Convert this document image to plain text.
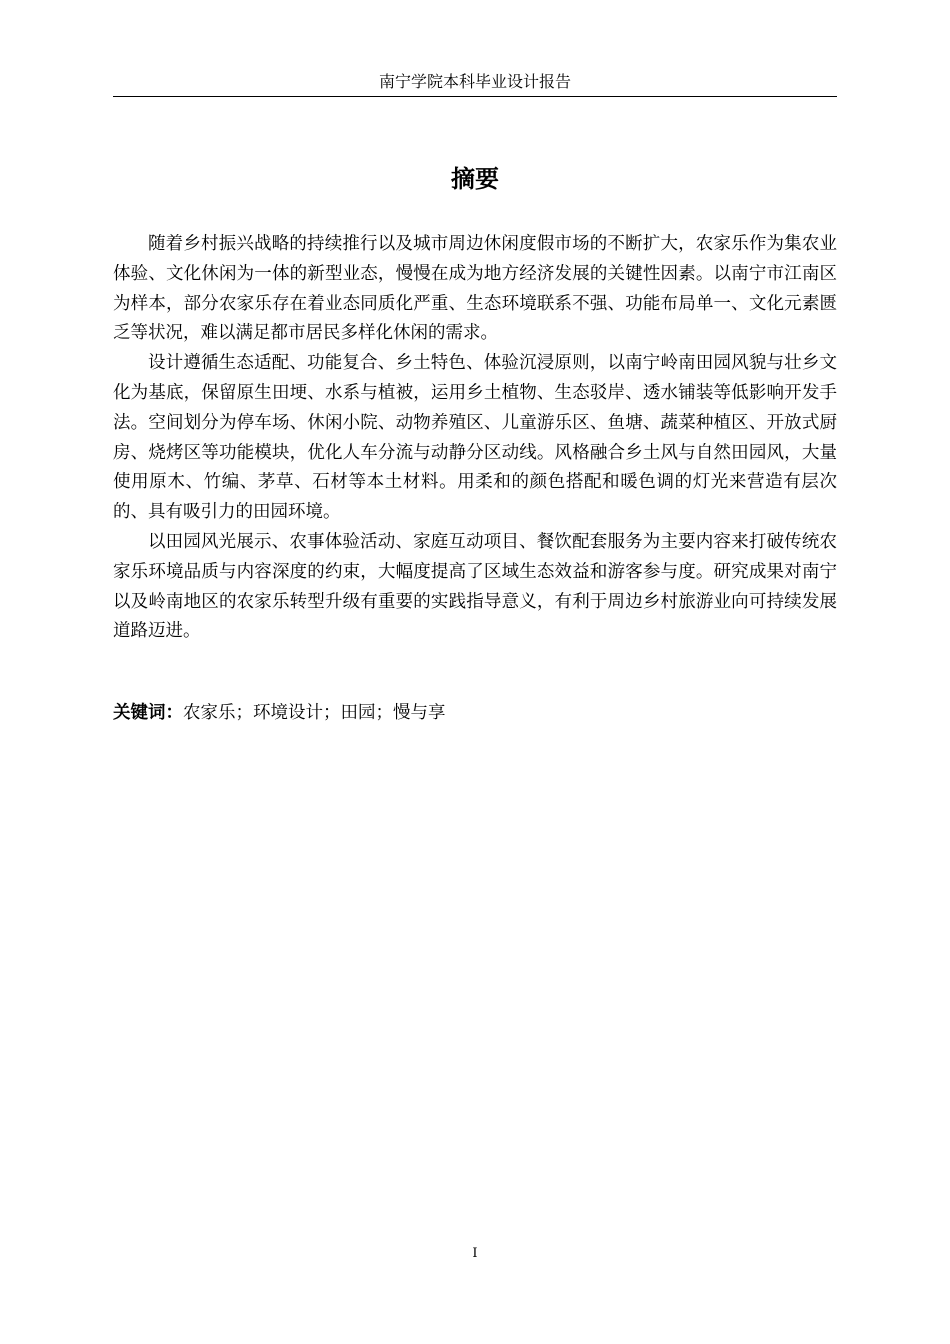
南宁学院本科毕业设计报告
摘要

随着乡村振兴战略的持续推行以及城市周边休闲度假市场的不断扩大，农家乐作为集农业体验、文化休闲为一体的新型业态，慢慢在成为地方经济发展的关键性因素。以南宁市江南区为样本，部分农家乐存在着业态同质化严重、生态环境联系不强、功能布局单一、文化元素匮乏等状况，难以满足都市居民多样化休闲的需求。

设计遵循生态适配、功能复合、乡土特色、体验沉浸原则，以南宁岭南田园风貌与壮乡文化为基底，保留原生田埂、水系与植被，运用乡土植物、生态驳岸、透水铺装等低影响开发手法。空间划分为停车场、休闲小院、动物养殖区、儿童游乐区、鱼塘、蔬菜种植区、开放式厨房、烧烤区等功能模块，优化人车分流与动静分区动线。风格融合乡土风与自然田园风，大量使用原木、竹编、茅草、石材等本土材料。用柔和的颜色搭配和暖色调的灯光来营造有层次的、具有吸引力的田园环境。

以田园风光展示、农事体验活动、家庭互动项目、餐饮配套服务为主要内容来打破传统农家乐环境品质与内容深度的约束，大幅度提高了区域生态效益和游客参与度。研究成果对南宁以及岭南地区的农家乐转型升级有重要的实践指导意义，有利于周边乡村旅游业向可持续发展道路迈进。

关键词：农家乐；环境设计；田园；慢与享
I
